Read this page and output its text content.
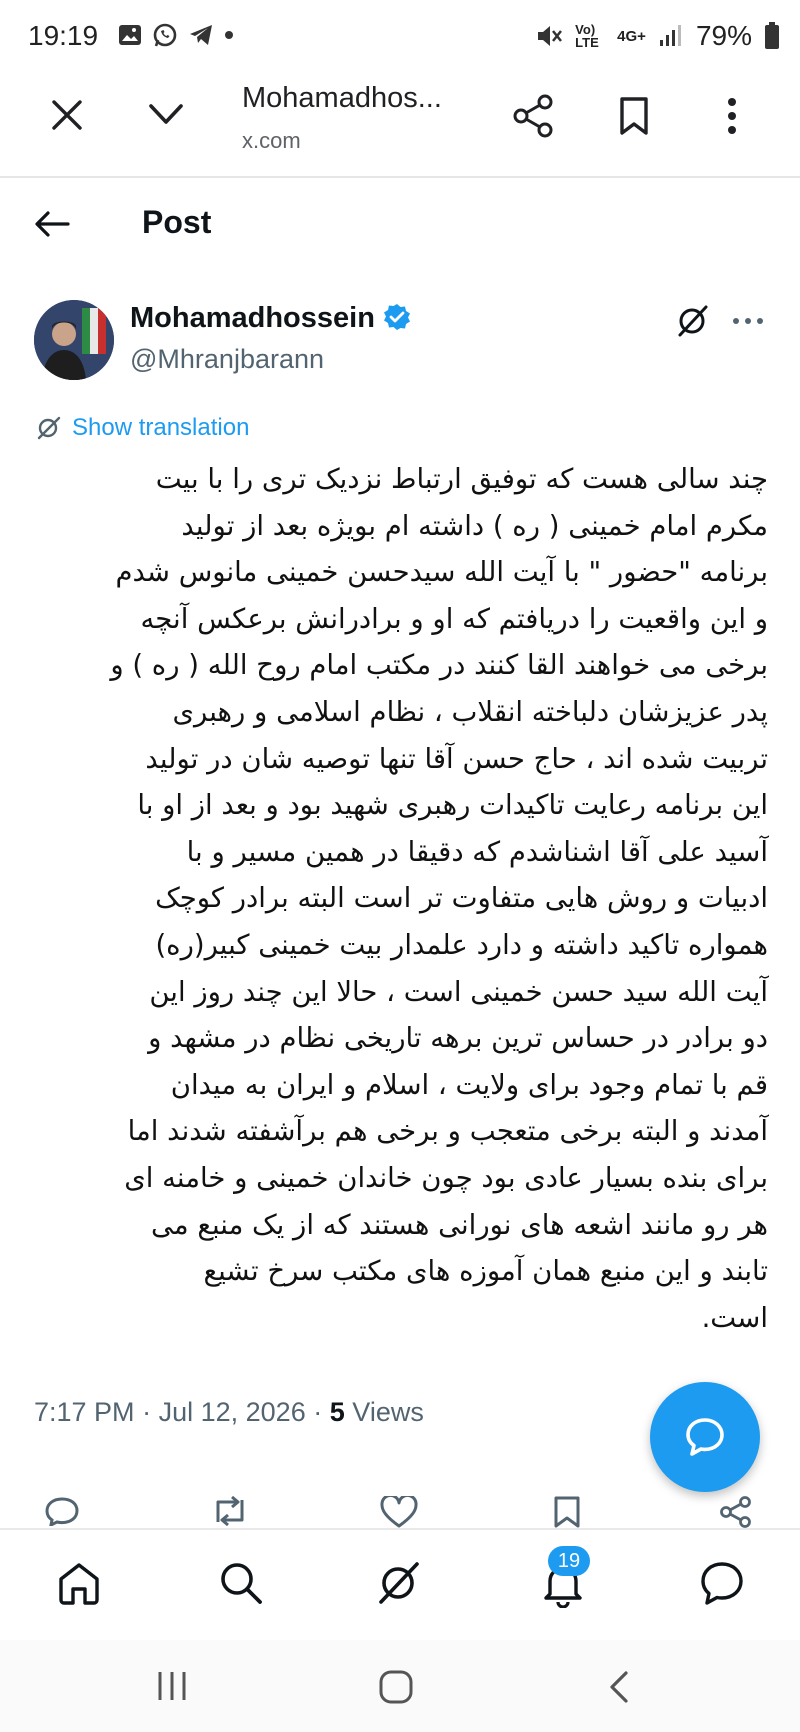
19:19	Vo) LTE	4G+ 79%
Mohamadhos...
x.com
Post
Mohamadhossein
@Mhranjbarann
Show translation
چند سالی هست که توفیق ارتباط نزدیک تری را با بیت
مکرم امام خمینی ( ره ) داشته ام بویژه بعد از تولید
برنامه "حضور " با آیت الله سیدحسن خمینی مانوس شدم
و این واقعیت را دریافتم که او و برادرانش برعکس آنچه
برخی می خواهند القا کنند در مکتب امام روح الله ( ره ) و
پدر عزیزشان دلباخته انقلاب ، نظام اسلامی و رهبری
تربیت شده اند ، حاج حسن آقا تنها توصیه شان در تولید
این برنامه رعایت تاکیدات رهبری شهید بود و بعد از او با
آسید علی آقا اشناشدم که دقیقا در همین مسیر و با
ادبیات و روش هایی متفاوت تر است البته برادر کوچک
همواره تاکید داشته و دارد علمدار بیت خمینی کبیر(ره)
آیت الله سید حسن خمینی است ، حالا این چند روز این
دو برادر در حساس ترین برهه تاریخی نظام در مشهد و
قم با تمام وجود برای ولایت ، اسلام و ایران به میدان
آمدند و البته برخی متعجب و برخی هم برآشفته شدند اما
برای بنده بسیار عادی بود چون خاندان خمینی و خامنه ای
هر رو مانند اشعه های نورانی هستند که از یک منبع می
تابند و این منبع همان آموزه های مکتب سرخ تشیع
است.
7:17 PM · Jul 12, 2026 · 5 Views
19
